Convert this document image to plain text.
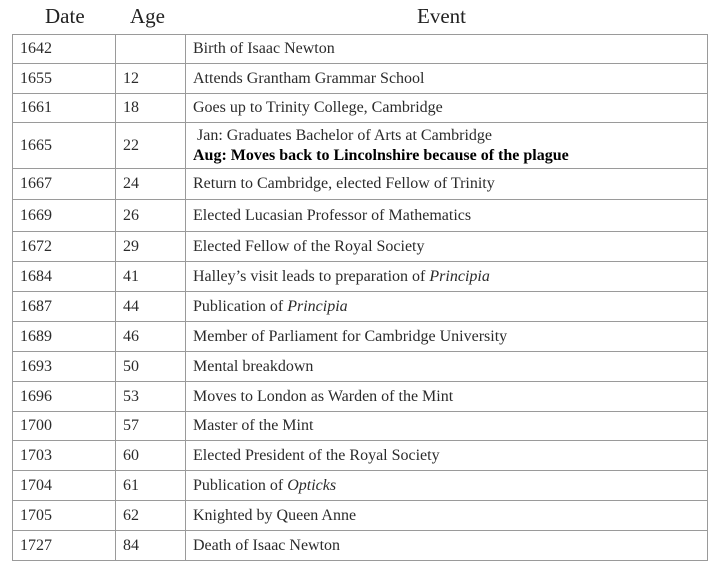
Date Age	Event
1642		Birth of Isaac Newton
1655	12	Attends Grantham Grammar School
1661	18	Goes up to Trinity College, Cambridge
1665	22	Jan: Graduates Bachelor of Arts at Cambridge
Aug: Moves back to Lincolnshire because of the plague

1667	24	Return to Cambridge, elected Fellow of Trinity
1669	26	Elected Lucasian Professor of Mathematics
1672	29	Elected Fellow of the Royal Society
1684	41	Halley’s visit leads to preparation of Principia
1687	44	Publication of Principia
1689	46	Member of Parliament for Cambridge University
1693	50	Mental breakdown
1696	53	Moves to London as Warden of the Mint
1700	57	Master of the Mint
1703	60	Elected President of the Royal Society
1704	61	Publication of Opticks
1705	62	Knighted by Queen Anne
1727	84	Death of Isaac Newton
